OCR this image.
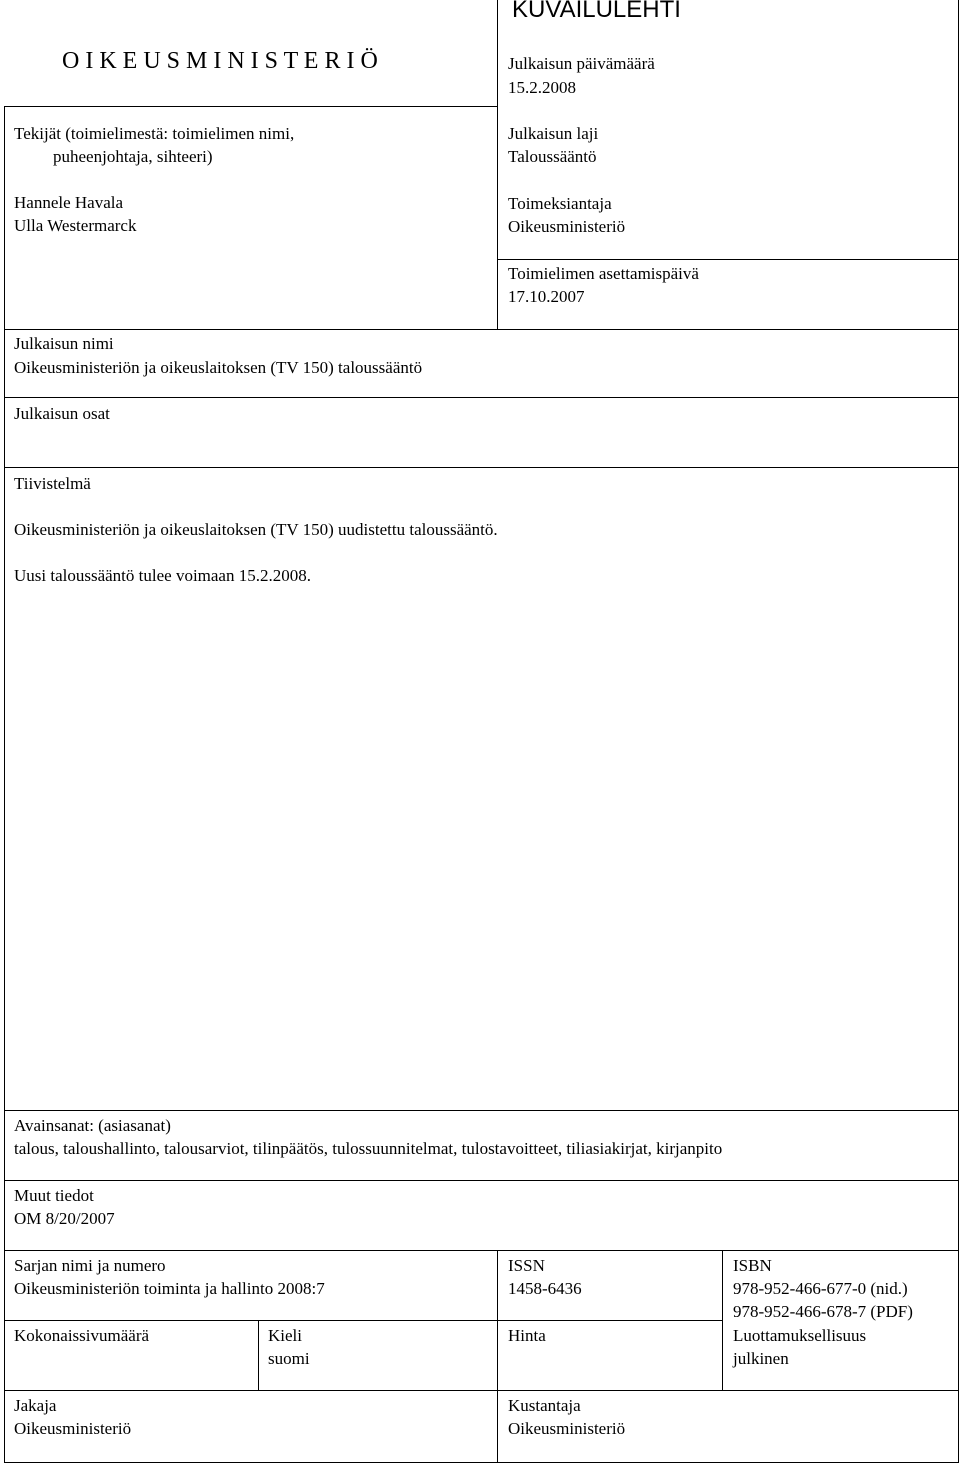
KUVAILULEHTI
O I K E U S M I N I S T E R I Ö
Tekijät (toimielimestä: toimielimen nimi,
puheenjohtaja, sihteeri)
Hannele Havala
Ulla Westermarck
Julkaisun päivämäärä
15.2.2008
Julkaisun laji
Taloussääntö
Toimeksiantaja
Oikeusministeriö
Toimielimen asettamispäivä
17.10.2007
Julkaisun nimi
Oikeusministeriön ja oikeuslaitoksen (TV 150) taloussääntö
Julkaisun osat
Tiivistelmä
Oikeusministeriön ja oikeuslaitoksen (TV 150) uudistettu taloussääntö.
Uusi taloussääntö tulee voimaan 15.2.2008.
Avainsanat: (asiasanat)
talous, taloushallinto, talousarviot, tilinpäätös, tulossuunnitelmat, tulostavoitteet, tiliasiakirjat, kirjanpito
Muut tiedot
OM 8/20/2007
Sarjan nimi ja numero
Oikeusministeriön toiminta ja hallinto 2008:7
ISSN
1458-6436
ISBN
978-952-466-677-0 (nid.)
978-952-466-678-7 (PDF)
Kokonaissivumäärä	Kieli
suomi
Hinta	Luottamuksellisuus
julkinen
Jakaja
Oikeusministeriö
Kustantaja
Oikeusministeriö
